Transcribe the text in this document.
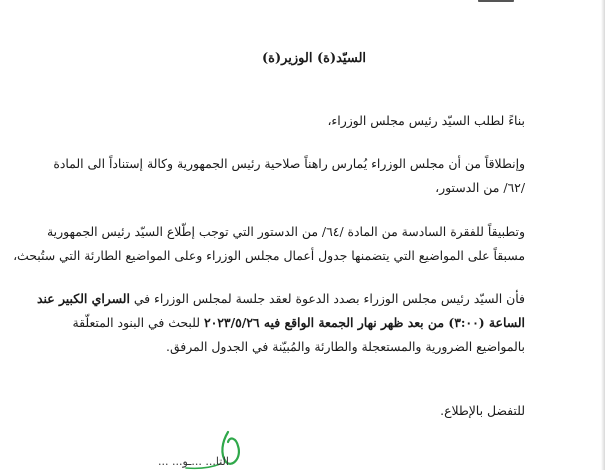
السيّد(ة) الوزير(ة)
بناءً لطلب السيّد رئيس مجلس الوزراء،
وإنطلاقاً من أن مجلس الوزراء يُمارس راهناً صلاحية رئيس الجمهورية وكالة إستناداً الى المادة
/٦٢/ من الدستور،
وتطبيقاً للفقرة السادسة من المادة /٦٤/ من الدستور التي توجب إطّلاع السيّد رئيس الجمهورية
مسبقاً على المواضيع التي يتضمنها جدول أعمال مجلس الوزراء وعلى المواضيع الطارئة التي ستُبحث،
فأن السيّد رئيس مجلس الوزراء بصدد الدعوة لعقد جلسة لمجلس الوزراء في السراي الكبير عند
الساعة (٣:٠٠) من بعد ظهر نهار الجمعة الواقع فيه ٢٠٢٣/٥/٢٦ للبحث في البنود المتعلّقة
بالمواضيع الضرورية والمستعجلة والطارئة والمُبيّنة في الجدول المرفق.
للتفضل بالإطلاع.
التا... ...ـو... ...
